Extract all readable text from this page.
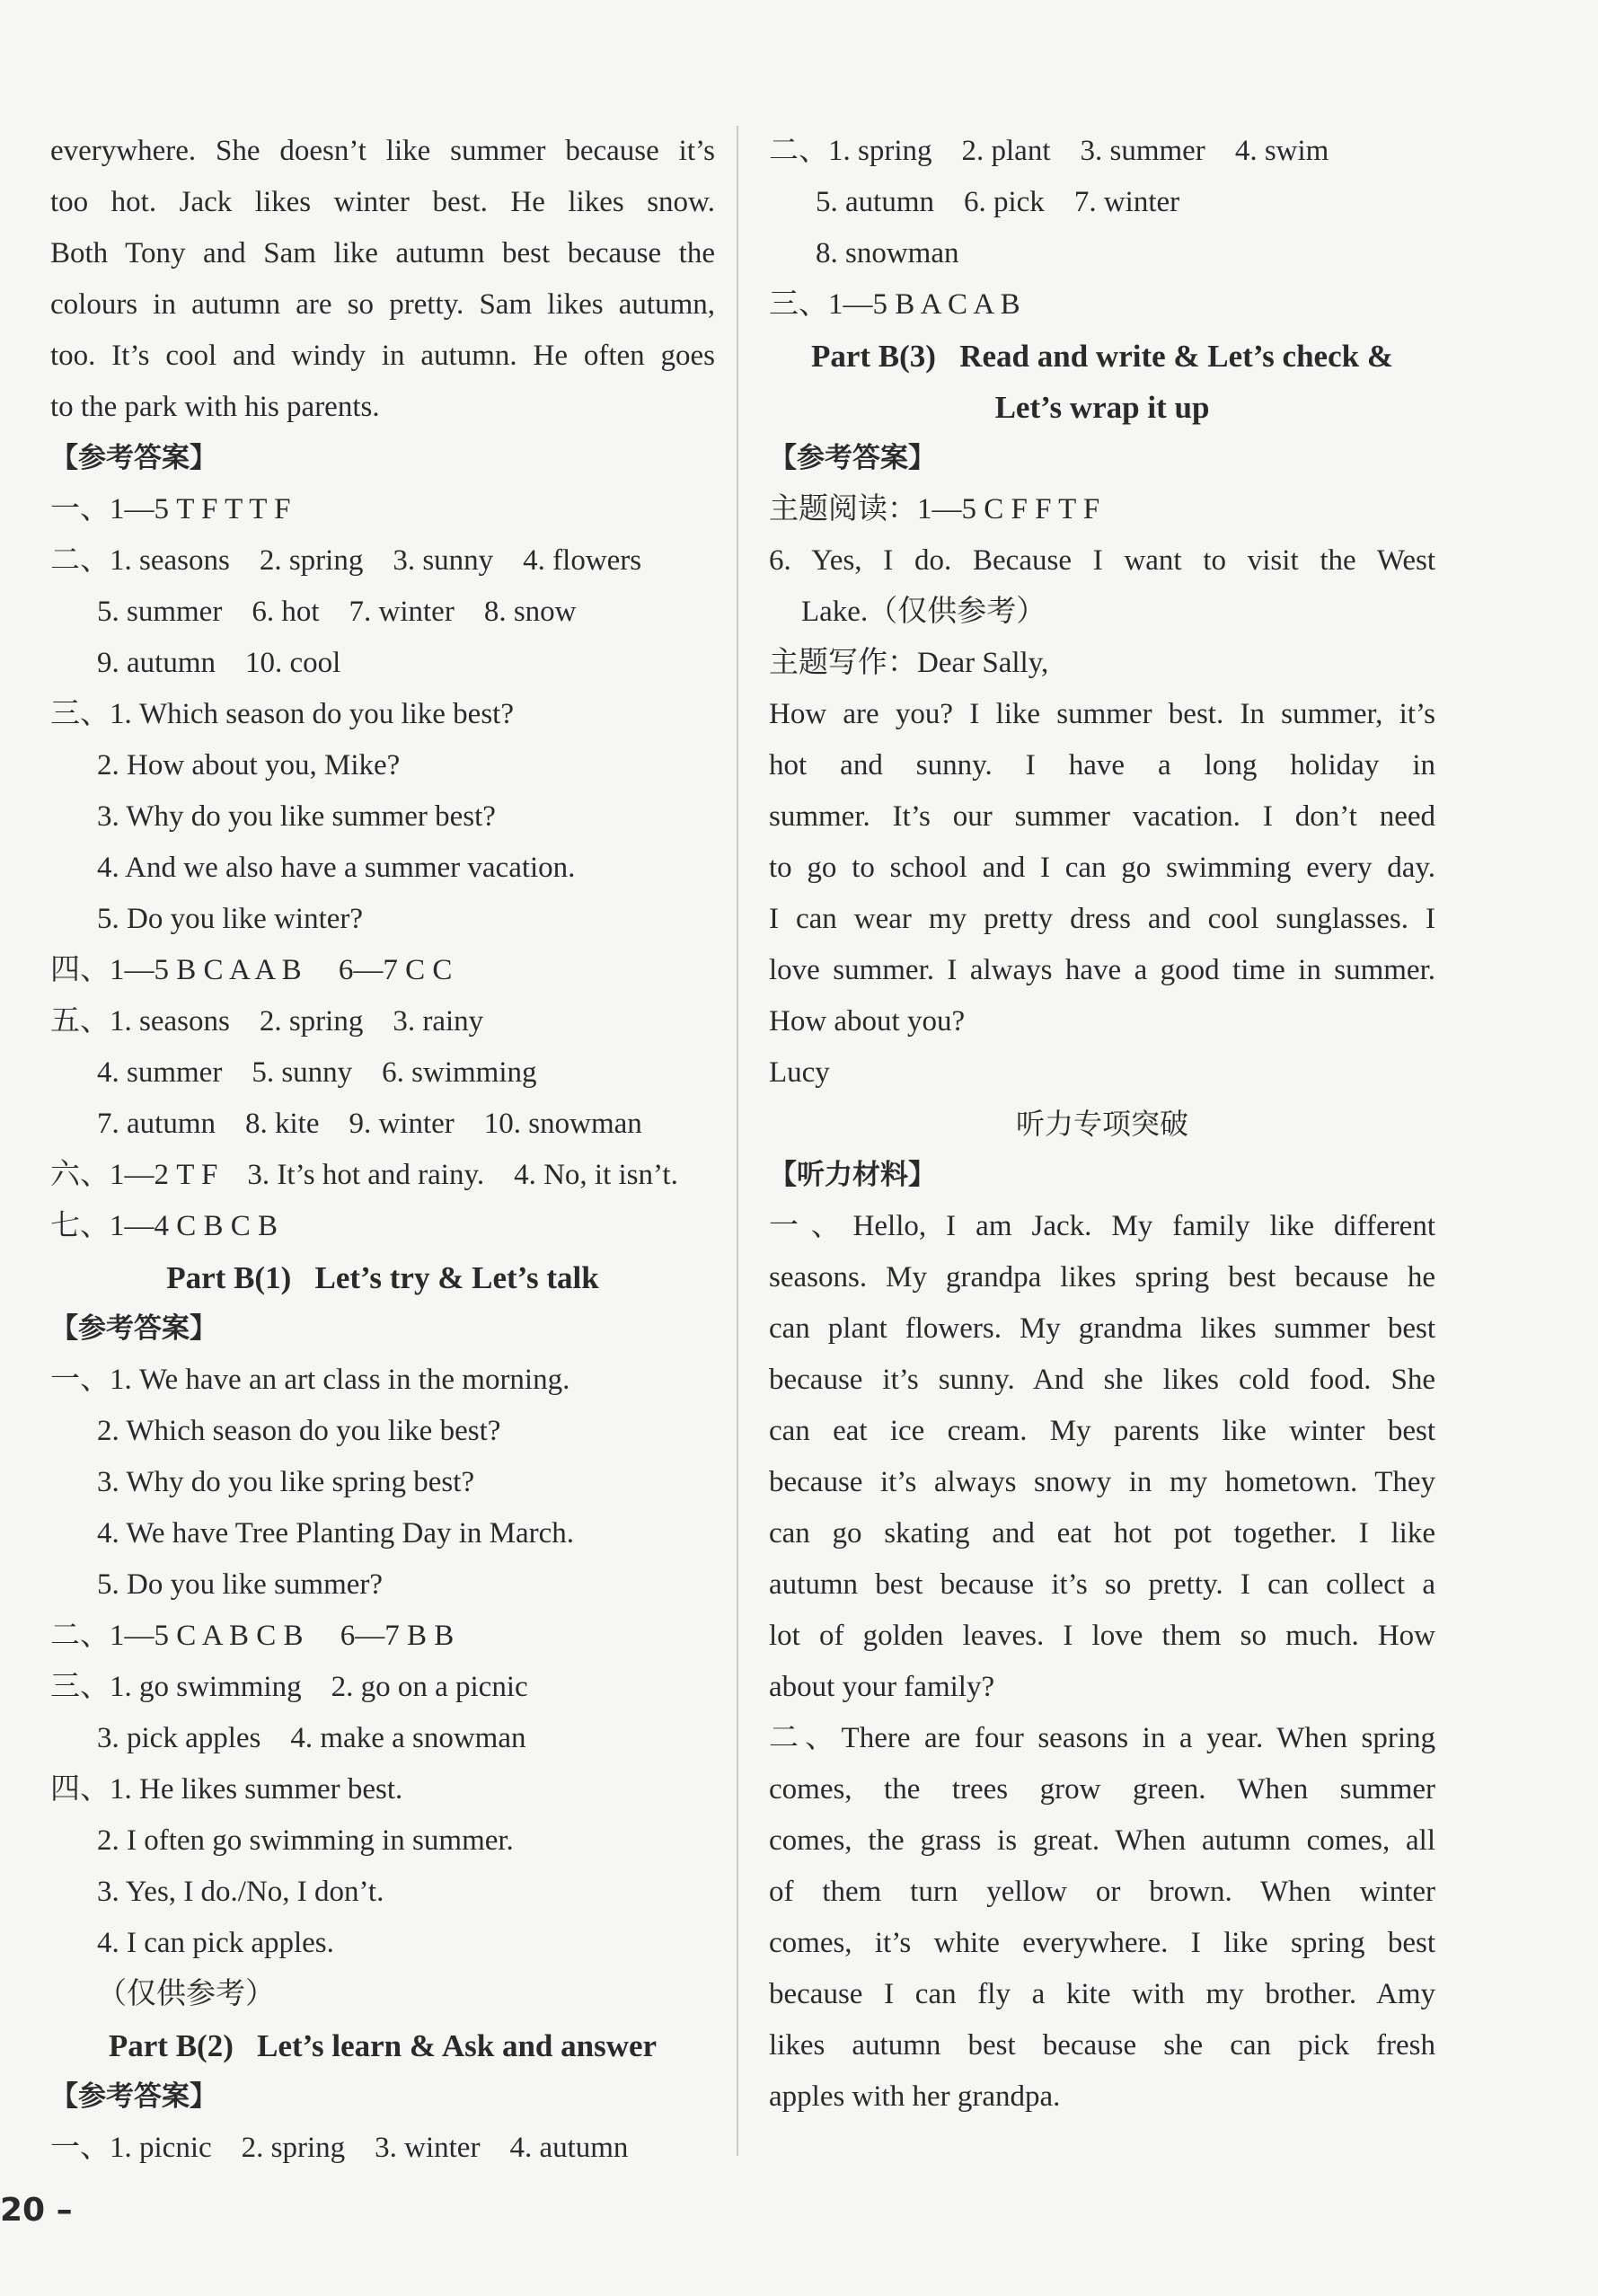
everywhere. She doesn’t like summer because it’s
too hot. Jack likes winter best. He likes snow.
Both Tony and Sam like autumn best because the
colours in autumn are so pretty. Sam likes autumn,
too. It’s cool and windy in autumn. He often goes
to the park with his parents.
【参考答案】
一、1—5 T F T T F
二、1. seasons 2. spring 3. sunny 4. flowers
5. summer 6. hot 7. winter 8. snow
9. autumn 10. cool
三、1. Which season do you like best?
2. How about you, Mike?
3. Why do you like summer best?
4. And we also have a summer vacation.
5. Do you like winter?
四、1—5 B C A A B 6—7 C C
五、1. seasons 2. spring 3. rainy
4. summer 5. sunny 6. swimming
7. autumn 8. kite 9. winter 10. snowman
六、1—2 T F 3. It’s hot and rainy. 4. No, it isn’t.
七、1—4 C B C B
Part B(1)   Let’s try & Let’s talk
【参考答案】
一、1. We have an art class in the morning.
2. Which season do you like best?
3. Why do you like spring best?
4. We have Tree Planting Day in March.
5. Do you like summer?
二、1—5 C A B C B 6—7 B B
三、1. go swimming 2. go on a picnic
3. pick apples 4. make a snowman
四、1. He likes summer best.
2. I often go swimming in summer.
3. Yes, I do./No, I don’t.
4. I can pick apples.
（仅供参考）
Part B(2)   Let’s learn & Ask and answer
【参考答案】
一、1. picnic 2. spring 3. winter 4. autumn
二、1. spring 2. plant 3. summer 4. swim
5. autumn 6. pick 7. winter
8. snowman
三、1—5 B A C A B
Part B(3)   Read and write & Let’s check &
Let’s wrap it up
【参考答案】
主题阅读：1—5 C F F T F
6. Yes, I do. Because I want to visit the West
Lake.（仅供参考）
主题写作：Dear Sally,
How are you? I like summer best. In summer, it’s
hot and sunny. I have a long holiday in
summer. It’s our summer vacation. I don’t need
to go to school and I can go swimming every day.
I can wear my pretty dress and cool sunglasses. I
love summer. I always have a good time in summer.
How about you?
Lucy
听力专项突破
【听力材料】
一、Hello, I am Jack. My family like different
seasons. My grandpa likes spring best because he
can plant flowers. My grandma likes summer best
because it’s sunny. And she likes cold food. She
can eat ice cream. My parents like winter best
because it’s always snowy in my hometown. They
can go skating and eat hot pot together. I like
autumn best because it’s so pretty. I can collect a
lot of golden leaves. I love them so much. How
about your family?
二、There are four seasons in a year. When spring
comes, the trees grow green. When summer
comes, the grass is great. When autumn comes, all
of them turn yellow or brown. When winter
comes, it’s white everywhere. I like spring best
because I can fly a kite with my brother. Amy
likes autumn best because she can pick fresh
apples with her grandpa.
20 –
